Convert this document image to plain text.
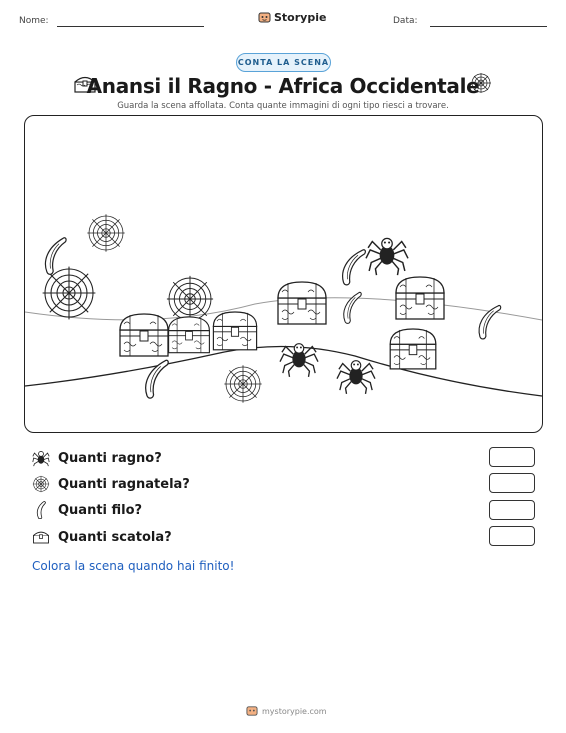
Nome:	Storypie	Data:
CONTA LA SCENA
Anansi il Ragno - Africa Occidentale
Guarda la scena affollata. Conta quante immagini di ogni tipo riesci a trovare.
Quanti ragno?
Quanti ragnatela?
Quanti filo?
Quanti scatola?
Colora la scena quando hai finito!
mystorypie.com
